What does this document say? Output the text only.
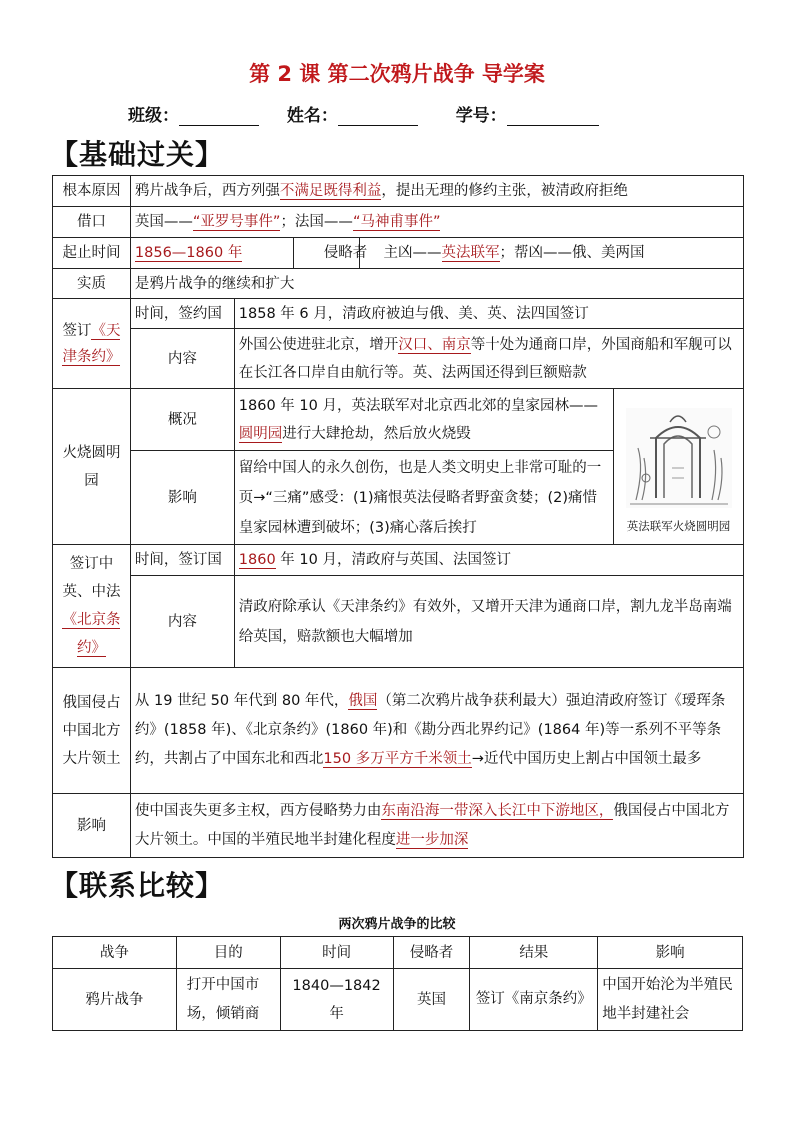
第 2 课 第二次鸦片战争 导学案
班级：	姓名：	学号：
【基础过关】
根本原因	鸦片战争后，西方列强不满足既得利益，提出无理的修约主张，被清政府拒绝				
借口	英国——“亚罗号事件”；法国——“马神甫事件”				
起止时间	1856—1860 年			侵略者 主凶——英法联军；帮凶——俄、美两国	
实质	是鸦片战争的继续和扩大				
签订《天津条约》	时间，签约国	1858 年 6 月，清政府被迫与俄、美、英、法四国签订			
	内容	外国公使进驻北京，增开汉口、南京等十处为通商口岸，外国商船和军舰可以在长江各口岸自由航行等。英、法两国还得到巨额赔款			
火烧圆明园	概况	1860 年 10 月，英法联军对北京西北郊的皇家园林——圆明园进行大肆抢劫，然后放火烧毁			英法联军火烧圆明园

	影响	留给中国人的永久创伤，也是人类文明史上非常可耻的一页→“三痛”感受：(1)痛恨英法侵略者野蛮贪婪；(2)痛惜皇家园林遭到破坏；(3)痛心落后挨打			
签订中英、中法《北京条约》	时间，签订国	1860 年 10 月，清政府与英国、法国签订			
	内容	清政府除承认《天津条约》有效外，又增开天津为通商口岸，割九龙半岛南端给英国，赔款额也大幅增加			
俄国侵占中国北方大片领土	从 19 世纪 50 年代到 80 年代，俄国（第二次鸦片战争获利最大）强迫清政府签订《瑷珲条约》(1858 年)、《北京条约》(1860 年)和《勘分西北界约记》(1864 年)等一系列不平等条约，共割占了中国东北和西北150 多万平方千米领土→近代中国历史上割占中国领土最多				
影响	使中国丧失更多主权，西方侵略势力由东南沿海一带深入长江中下游地区，俄国侵占中国北方大片领土。中国的半殖民地半封建化程度进一步加深				
【联系比较】
两次鸦片战争的比较
战争	目的	时间	侵略者	结果	影响
鸦片战争	打开中国市场，倾销商	1840—1842 年	英国	签订《南京条约》	中国开始沦为半殖民地半封建社会
